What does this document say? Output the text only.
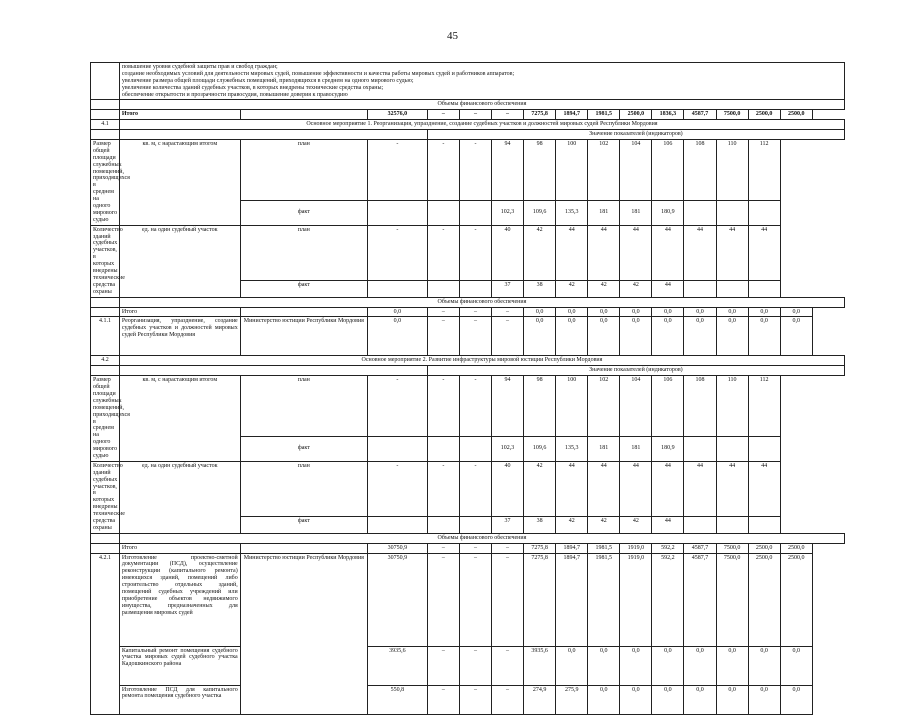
45

повышение уровня судебной защиты прав и свобод граждан;
создание необходимых условий для деятельности мировых судей, повышение эффективности и качества работы мировых судей и работников аппаратов;
увеличение размера общей площади служебных помещений, приходящихся в среднем на одного мирового судью;
увеличение количества зданий судебных участков, в которых внедрены технические средства охраны;
обеспечение открытости и прозрачности правосудия, повышение доверия к правосудию

	Объемы финансового обеспечения
	Итого		32576,0	–	–	–	7275,8	1894,7	1981,5	2500,0	1836,3	4587,7	7500,0	2500,0	2500,0
4.1	Основное мероприятие 1. Реорганизация, упразднение, создание судебных участков и должностей мировых судей Республики Мордовия
		Значение показателей (индикаторов)
Размер общей площади служебных помещений, приходящихся в среднем на одного мирового судью	кв. м, с нарастающим итогом	план	-	-	-	94	98	100	102	104	106	108	110	112
факт				102,3	109,6	135,3	181	181	180,9			
Количество зданий судебных участков, в которых внедрены технические средства охраны	ед. на один судебный участок	план	-	-	-	40	42	44	44	44	44	44	44	44
факт				37	38	42	42	42	44			
	Объемы финансового обеспечения
	Итого		0,0	–	–	–	0,0	0,0	0,0	0,0	0,0	0,0	0,0	0,0	0,0
4.1.1	Реорганизация, упразднение, создание судебных участков и должностей мировых судей Республики Мордовия	Министерство юстиции Республики Мордовия	0,0	–	–	–	0,0	0,0	0,0	0,0	0,0	0,0	0,0	0,0	0,0
4.2	Основное мероприятие 2. Развитие инфраструктуры мировой юстиции Республики Мордовия
		Значение показателей (индикаторов)
Размер общей площади служебных помещений, приходящихся в среднем на одного мирового судью	кв. м, с нарастающим итогом	план	-	-	-	94	98	100	102	104	106	108	110	112
факт				102,3	109,6	135,3	181	181	180,9			
Количество зданий судебных участков, в которых внедрены технические средства охраны	ед. на один судебный участок	план	-	-	-	40	42	44	44	44	44	44	44	44
факт				37	38	42	42	42	44			
	Объемы финансового обеспечения
	Итого		30750,9	–	–	–	7275,8	1894,7	1981,5	1919,0	592,2	4587,7	7500,0	2500,0	2500,0
4.2.1	Изготовление проектно-сметной документации (ПСД), осуществление реконструкции (капитального ремонта) имеющихся зданий, помещений либо строительство отдельных зданий, помещений судебных учреждений или приобретение объектов недвижимого имущества, предназначенных для размещения мировых судей	Министерство юстиции Республики Мордовия	30750,9	–	–	–	7275,8	1894,7	1981,5	1919,0	592,2	4587,7	7500,0	2500,0	2500,0
Капитальный ремонт помещения судебного участка мировых судей судебного участка Кадошкинского района	3935,6	–	–	–	3935,6	0,0	0,0	0,0	0,0	0,0	0,0	0,0	0,0
Изготовление ПСД для капитального ремонта помещения судебного участка	550,8	–	–	–	274,9	275,9	0,0	0,0	0,0	0,0	0,0	0,0	0,0
